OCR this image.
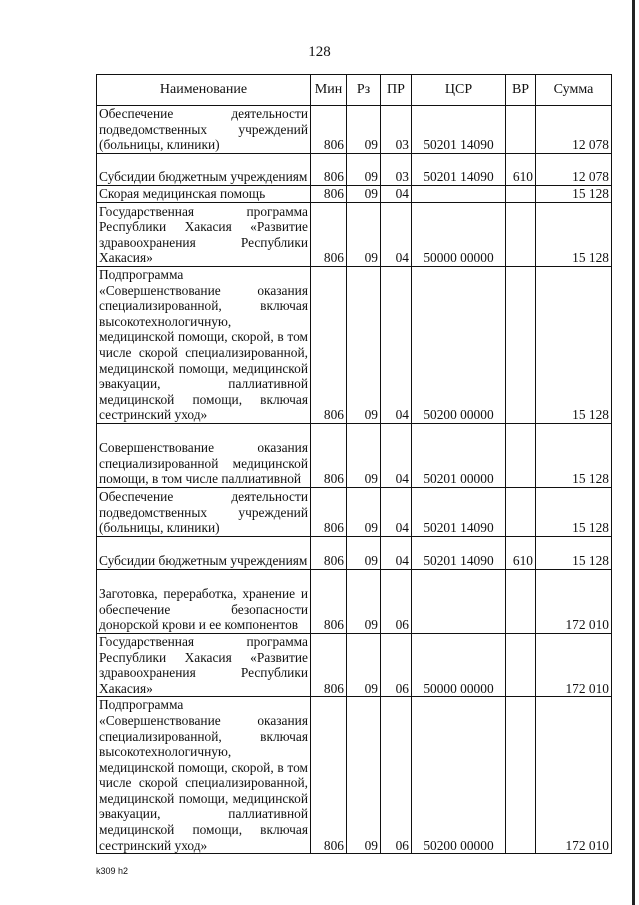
128
Наименование	Мин	Рз	ПР	ЦСР	ВР	Сумма
Обеспечение деятельности подведомственных учреждений (больницы, клиники)	806	09	03	50201 14090		12 078
Субсидии бюджетным учреждениям	806	09	03	50201 14090	610	12 078
Скорая медицинская помощь	806	09	04			15 128
Государственная программа Республики Хакасия «Развитие здравоохранения Республики Хакасия»	806	09	04	50000 00000		15 128
Подпрограмма «Совершенствование оказания специализированной, включая высокотехнологичную, медицинской помощи, скорой, в том числе скорой специализированной, медицинской помощи, медицинской эвакуации, паллиативной медицинской помощи, включая сестринский уход»	806	09	04	50200 00000		15 128
Совершенствование оказания специализированной медицинской помощи, в том числе паллиативной	806	09	04	50201 00000		15 128
Обеспечение деятельности подведомственных учреждений (больницы, клиники)	806	09	04	50201 14090		15 128
Субсидии бюджетным учреждениям	806	09	04	50201 14090	610	15 128
Заготовка, переработка, хранение и обеспечение безопасности донорской крови и ее компонентов	806	09	06			172 010
Государственная программа Республики Хакасия «Развитие здравоохранения Республики Хакасия»	806	09	06	50000 00000		172 010
Подпрограмма «Совершенствование оказания специализированной, включая высокотехнологичную, медицинской помощи, скорой, в том числе скорой специализированной, медицинской помощи, медицинской эвакуации, паллиативной медицинской помощи, включая сестринский уход»	806	09	06	50200 00000		172 010
k309 h2
